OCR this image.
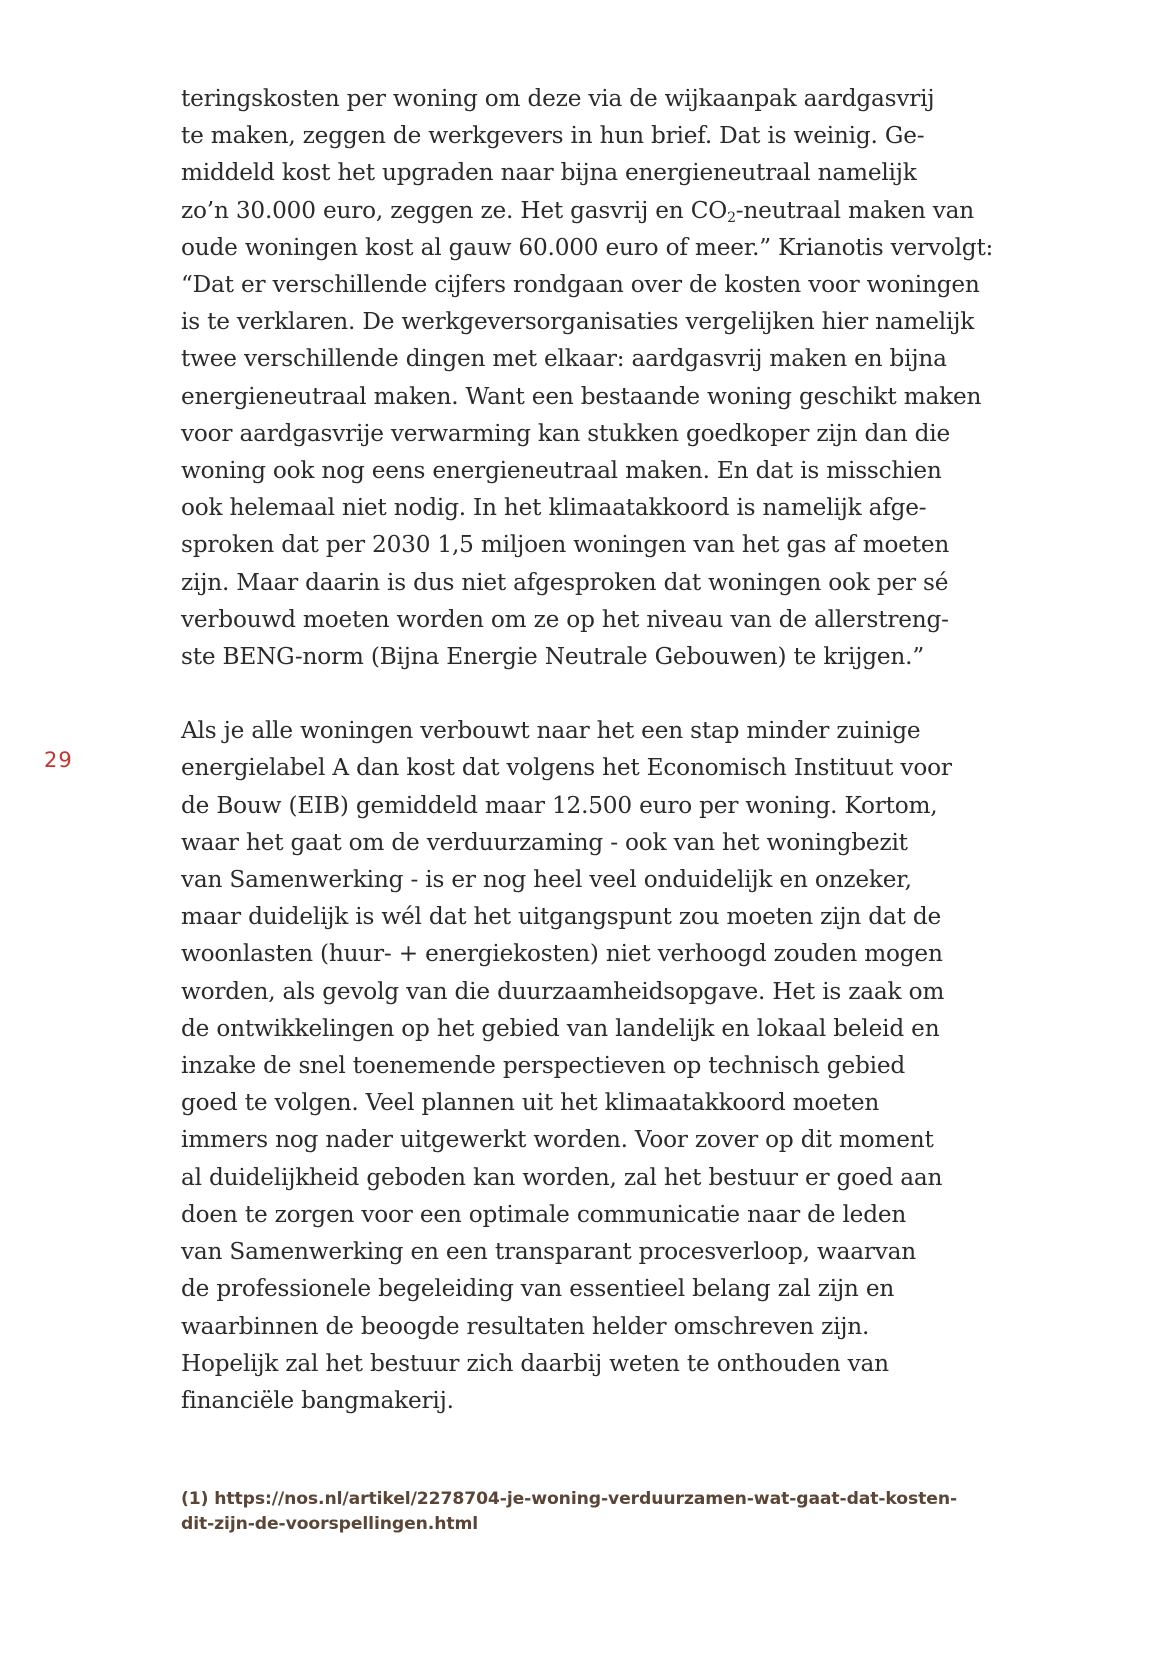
29

teringskosten per woning om deze via de wijkaanpak aardgasvrij
te maken, zeggen de werkgevers in hun brief. Dat is weinig. Ge-
middeld kost het upgraden naar bijna energieneutraal namelijk
zo’n 30.000 euro, zeggen ze. Het gasvrij en $CO_2$-neutraal maken van
oude woningen kost al gauw 60.000 euro of meer.” Krianotis vervolgt:
“Dat er verschillende cijfers rondgaan over de kosten voor woningen
is te verklaren. De werkgeversorganisaties vergelijken hier namelijk
twee verschillende dingen met elkaar: aardgasvrij maken en bijna
energieneutraal maken. Want een bestaande woning geschikt maken
voor aardgasvrije verwarming kan stukken goedkoper zijn dan die
woning ook nog eens energieneutraal maken. En dat is misschien
ook helemaal niet nodig. In het klimaatakkoord is namelijk afge-
sproken dat per 2030 1,5 miljoen woningen van het gas af moeten
zijn. Maar daarin is dus niet afgesproken dat woningen ook per sé
verbouwd moeten worden om ze op het niveau van de allerstreng-
ste BENG-norm (Bijna Energie Neutrale Gebouwen) te krijgen.”

Als je alle woningen verbouwt naar het een stap minder zuinige
energielabel A dan kost dat volgens het Economisch Instituut voor
de Bouw (EIB) gemiddeld maar 12.500 euro per woning. Kortom,
waar het gaat om de verduurzaming - ook van het woningbezit
van Samenwerking - is er nog heel veel onduidelijk en onzeker,
maar duidelijk is wél dat het uitgangspunt zou moeten zijn dat de
woonlasten (huur- + energiekosten) niet verhoogd zouden mogen
worden, als gevolg van die duurzaamheidsopgave. Het is zaak om
de ontwikkelingen op het gebied van landelijk en lokaal beleid en
inzake de snel toenemende perspectieven op technisch gebied
goed te volgen. Veel plannen uit het klimaatakkoord moeten
immers nog nader uitgewerkt worden. Voor zover op dit moment
al duidelijkheid geboden kan worden, zal het bestuur er goed aan
doen te zorgen voor een optimale communicatie naar de leden
van Samenwerking en een transparant procesverloop, waarvan
de professionele begeleiding van essentieel belang zal zijn en
waarbinnen de beoogde resultaten helder omschreven zijn.
Hopelijk zal het bestuur zich daarbij weten te onthouden van
financiële bangmakerij.

(1) https://nos.nl/artikel/2278704-je-woning-verduurzamen-wat-gaat-dat-kosten-
dit-zijn-de-voorspellingen.html
